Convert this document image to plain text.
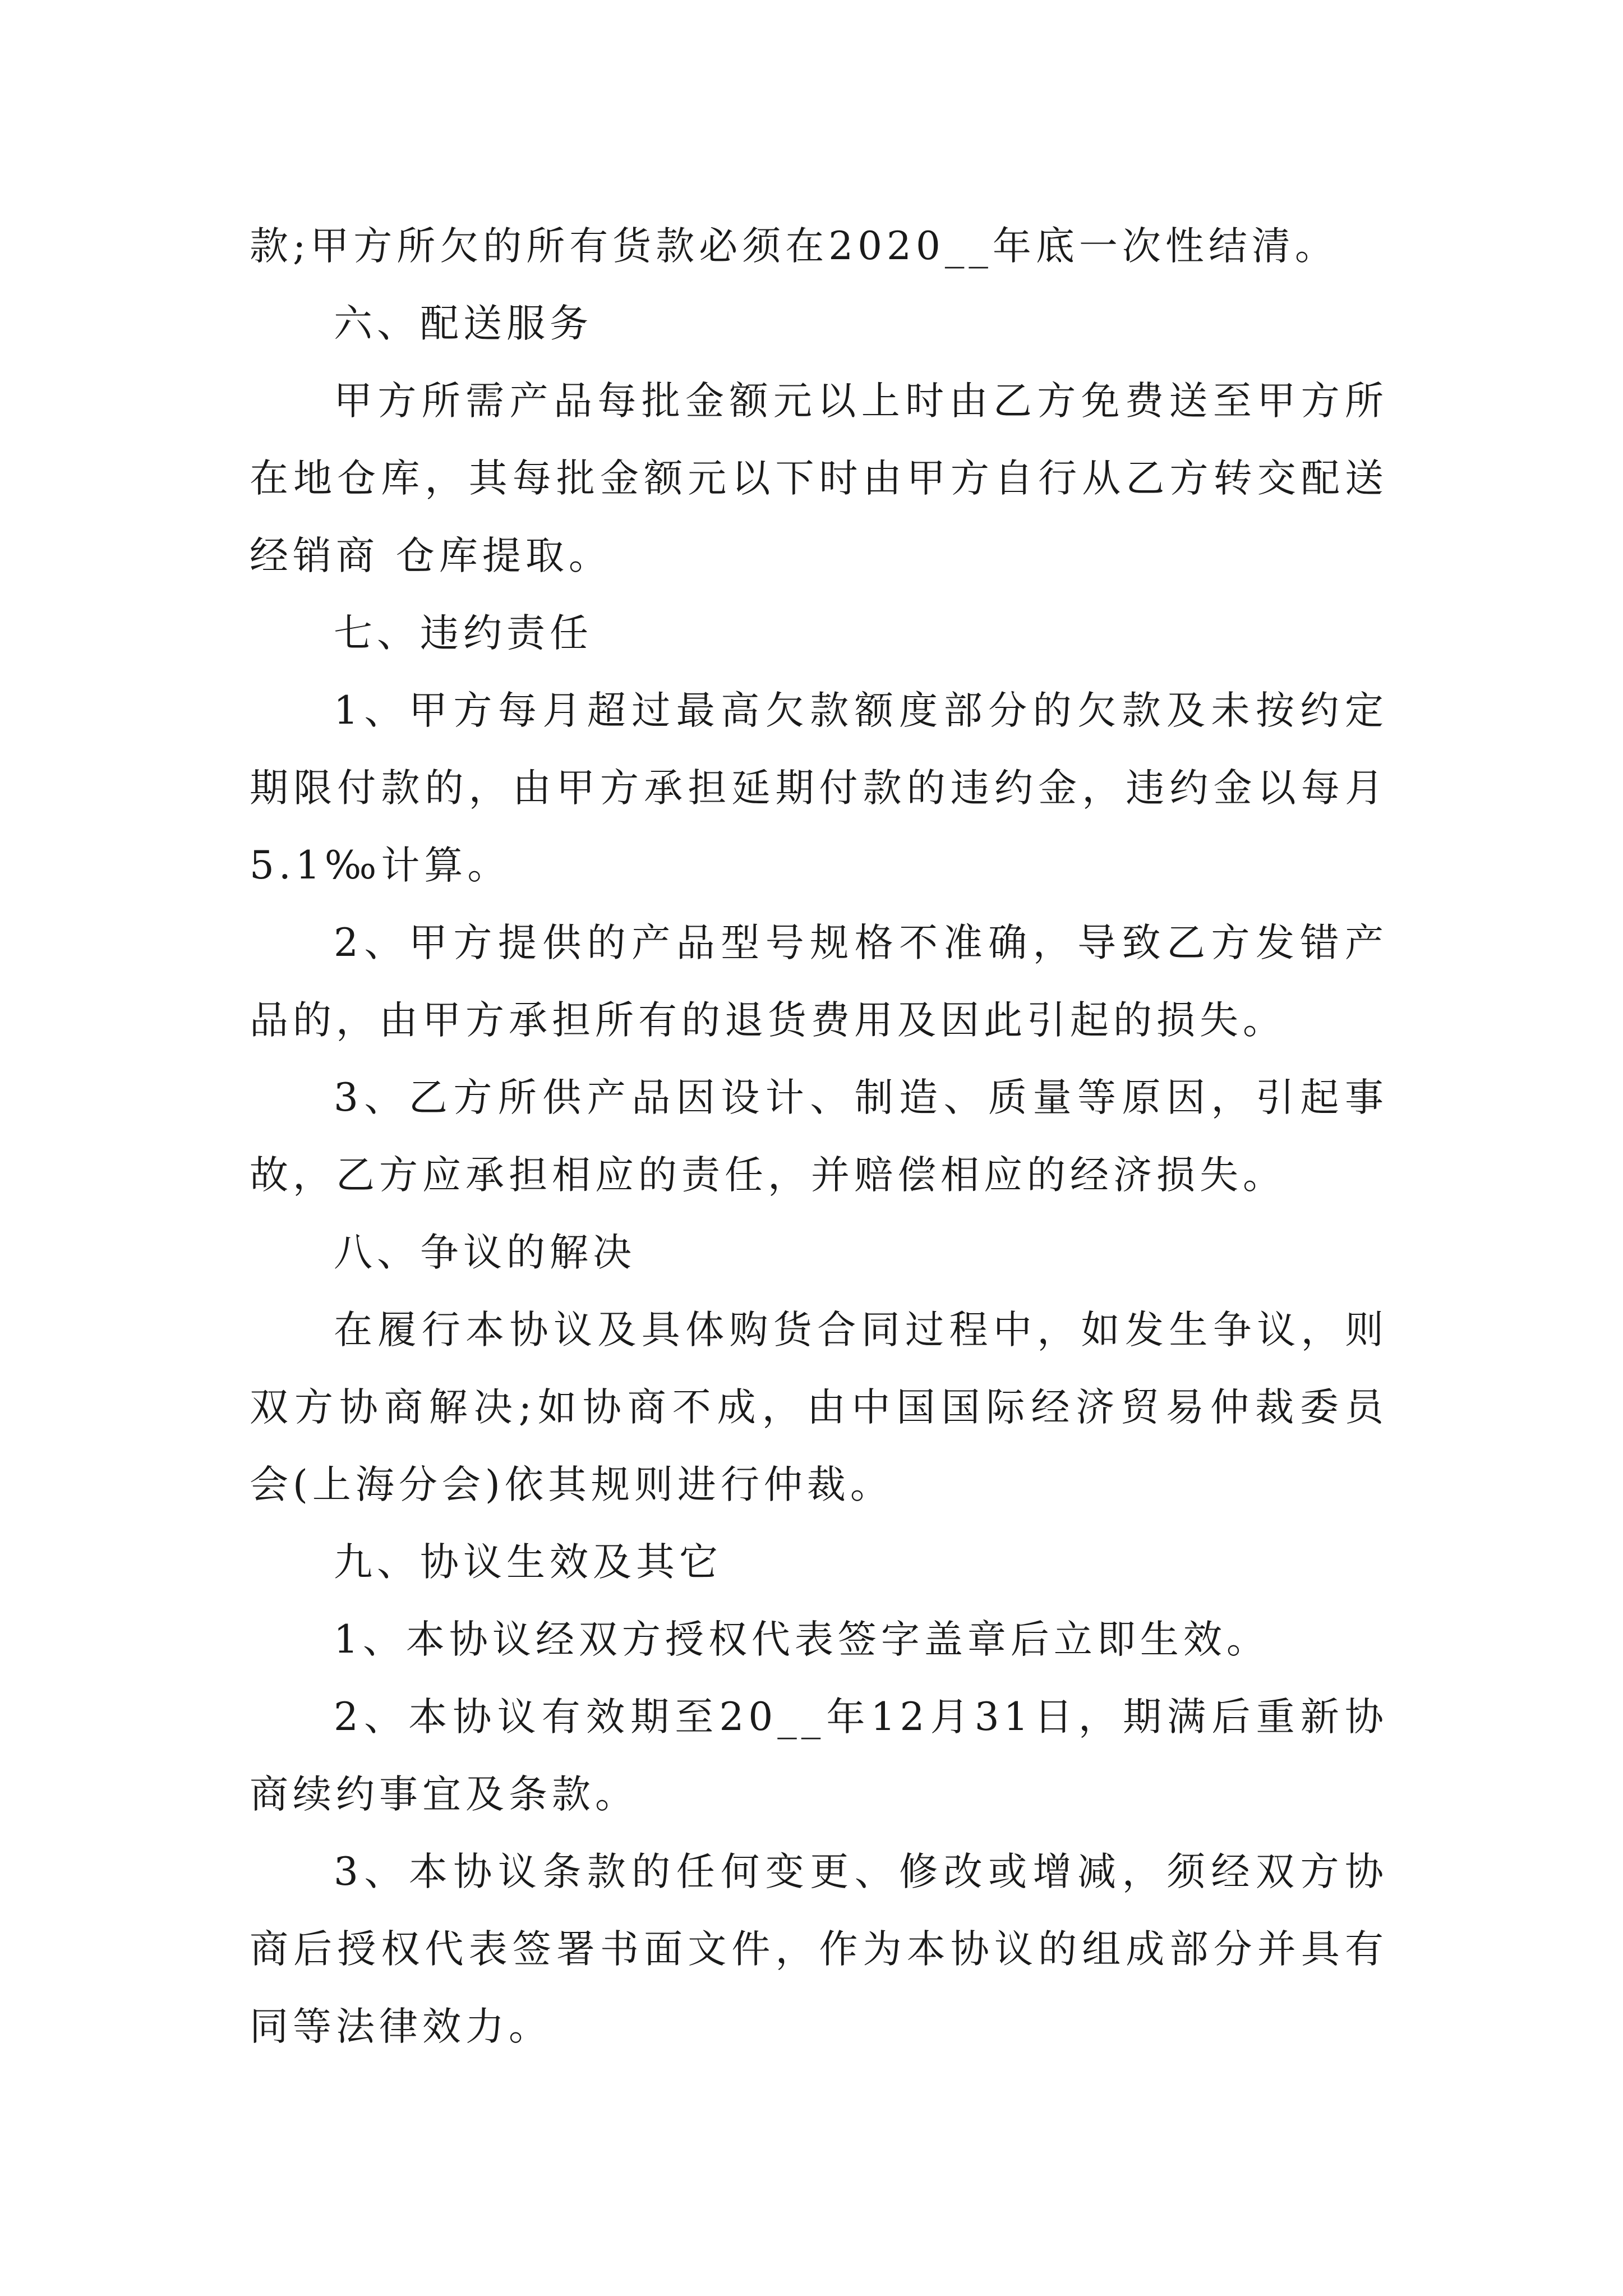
款;甲方所欠的所有货款必须在2020__年底一次性结清。

六、配送服务

甲方所需产品每批金额元以上时由乙方免费送至甲方所在地仓库，其每批金额元以下时由甲方自行从乙方转交配送经销商 仓库提取。

七、违约责任

1、甲方每月超过最高欠款额度部分的欠款及未按约定期限付款的，由甲方承担延期付款的违约金，违约金以每月5.1‰计算。

2、甲方提供的产品型号规格不准确，导致乙方发错产品的，由甲方承担所有的退货费用及因此引起的损失。

3、乙方所供产品因设计、制造、质量等原因，引起事故，乙方应承担相应的责任，并赔偿相应的经济损失。

八、争议的解决

在履行本协议及具体购货合同过程中，如发生争议，则双方协商解决;如协商不成，由中国国际经济贸易仲裁委员会(上海分会)依其规则进行仲裁。

九、协议生效及其它

1、本协议经双方授权代表签字盖章后立即生效。

2、本协议有效期至20__年12月31日，期满后重新协商续约事宜及条款。

3、本协议条款的任何变更、修改或增减，须经双方协商后授权代表签署书面文件，作为本协议的组成部分并具有同等法律效力。
